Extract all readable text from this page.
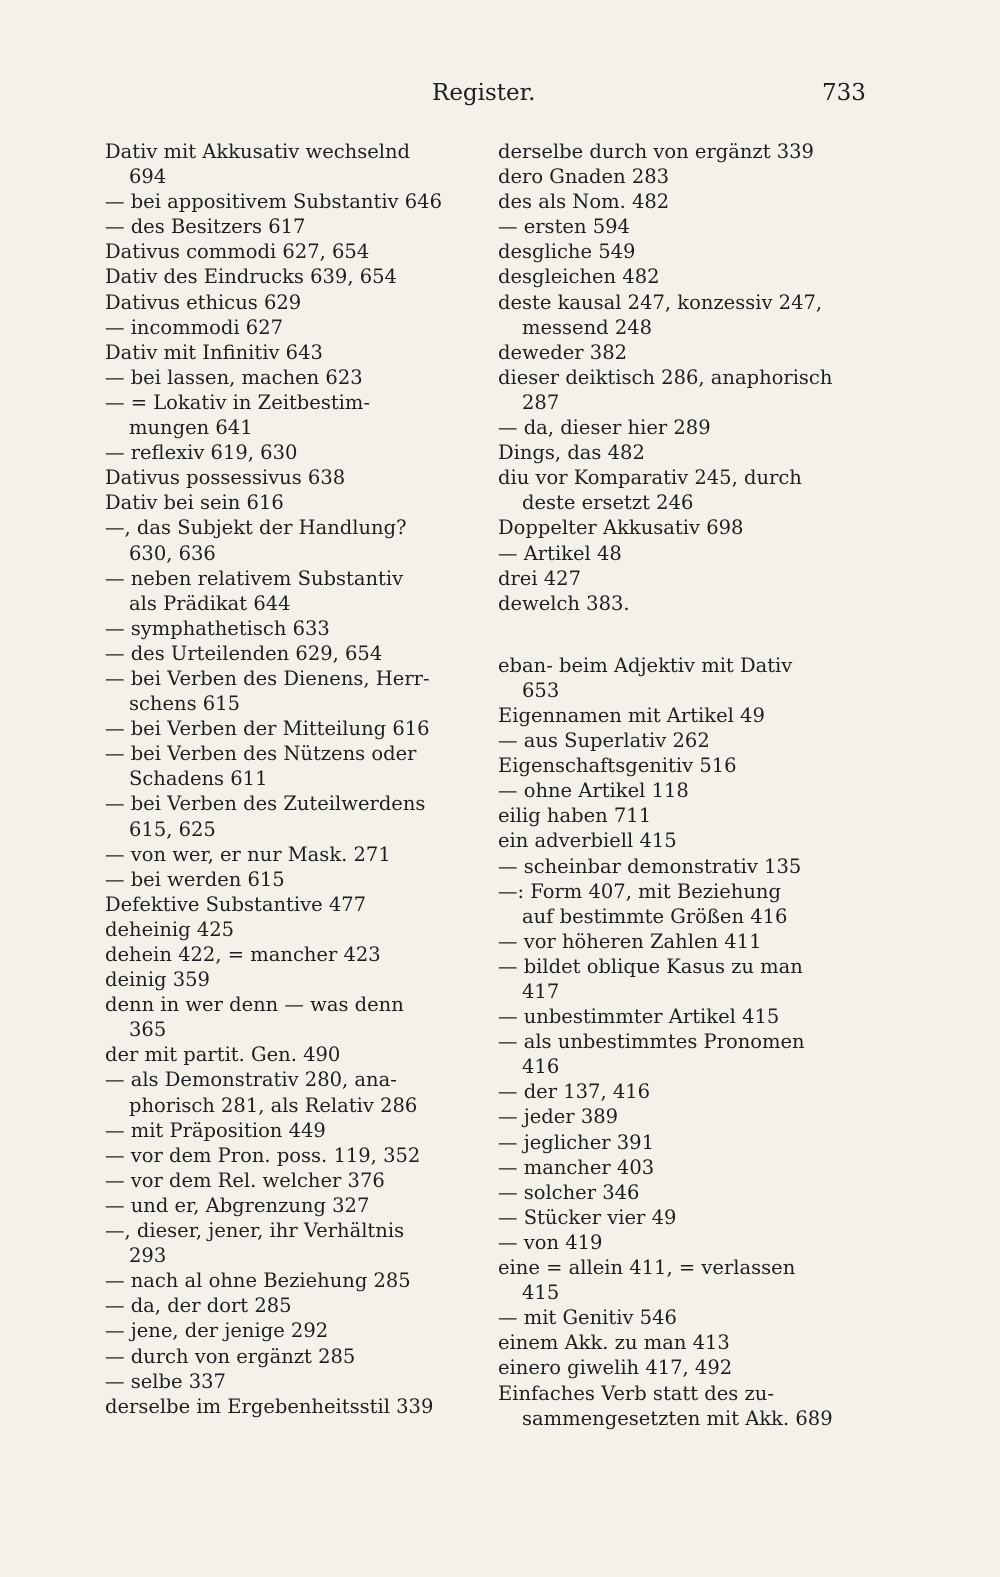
Register.	733
Dativ mit Akkusativ wechselnd
694
— bei appositivem Substantiv 646
— des Besitzers 617
Dativus commodi 627, 654
Dativ des Eindrucks 639, 654
Dativus ethicus 629
— incommodi 627
Dativ mit Infinitiv 643
— bei lassen, machen 623
— = Lokativ in Zeitbestim-
mungen 641
— reflexiv 619, 630
Dativus possessivus 638
Dativ bei sein 616
—, das Subjekt der Handlung?
630, 636
— neben relativem Substantiv
als Prädikat 644
— symphathetisch 633
— des Urteilenden 629, 654
— bei Verben des Dienens, Herr-
schens 615
— bei Verben der Mitteilung 616
— bei Verben des Nützens oder
Schadens 611
— bei Verben des Zuteilwerdens
615, 625
— von wer, er nur Mask. 271
— bei werden 615
Defektive Substantive 477
deheinig 425
dehein 422, = mancher 423
deinig 359
denn in wer denn — was denn
365
der mit partit. Gen. 490
— als Demonstrativ 280, ana-
phorisch 281, als Relativ 286
— mit Präposition 449
— vor dem Pron. poss. 119, 352
— vor dem Rel. welcher 376
— und er, Abgrenzung 327
—, dieser, jener, ihr Verhältnis
293
— nach al ohne Beziehung 285
— da, der dort 285
— jene, der jenige 292
— durch von ergänzt 285
— selbe 337
derselbe im Ergebenheitsstil 339
derselbe durch von ergänzt 339
dero Gnaden 283
des als Nom. 482
— ersten 594
desgliche 549
desgleichen 482
deste kausal 247, konzessiv 247,
messend 248
deweder 382
dieser deiktisch 286, anaphorisch
287
— da, dieser hier 289
Dings, das 482
diu vor Komparativ 245, durch
deste ersetzt 246
Doppelter Akkusativ 698
— Artikel 48
drei 427
dewelch 383.
eban- beim Adjektiv mit Dativ
653
Eigennamen mit Artikel 49
— aus Superlativ 262
Eigenschaftsgenitiv 516
— ohne Artikel 118
eilig haben 711
ein adverbiell 415
— scheinbar demonstrativ 135
—: Form 407, mit Beziehung
auf bestimmte Größen 416
— vor höheren Zahlen 411
— bildet oblique Kasus zu man
417
— unbestimmter Artikel 415
— als unbestimmtes Pronomen
416
— der 137, 416
— jeder 389
— jeglicher 391
— mancher 403
— solcher 346
— Stücker vier 49
— von 419
eine = allein 411, = verlassen
415
— mit Genitiv 546
einem Akk. zu man 413
einero giwelih 417, 492
Einfaches Verb statt des zu-
sammengesetzten mit Akk. 689
